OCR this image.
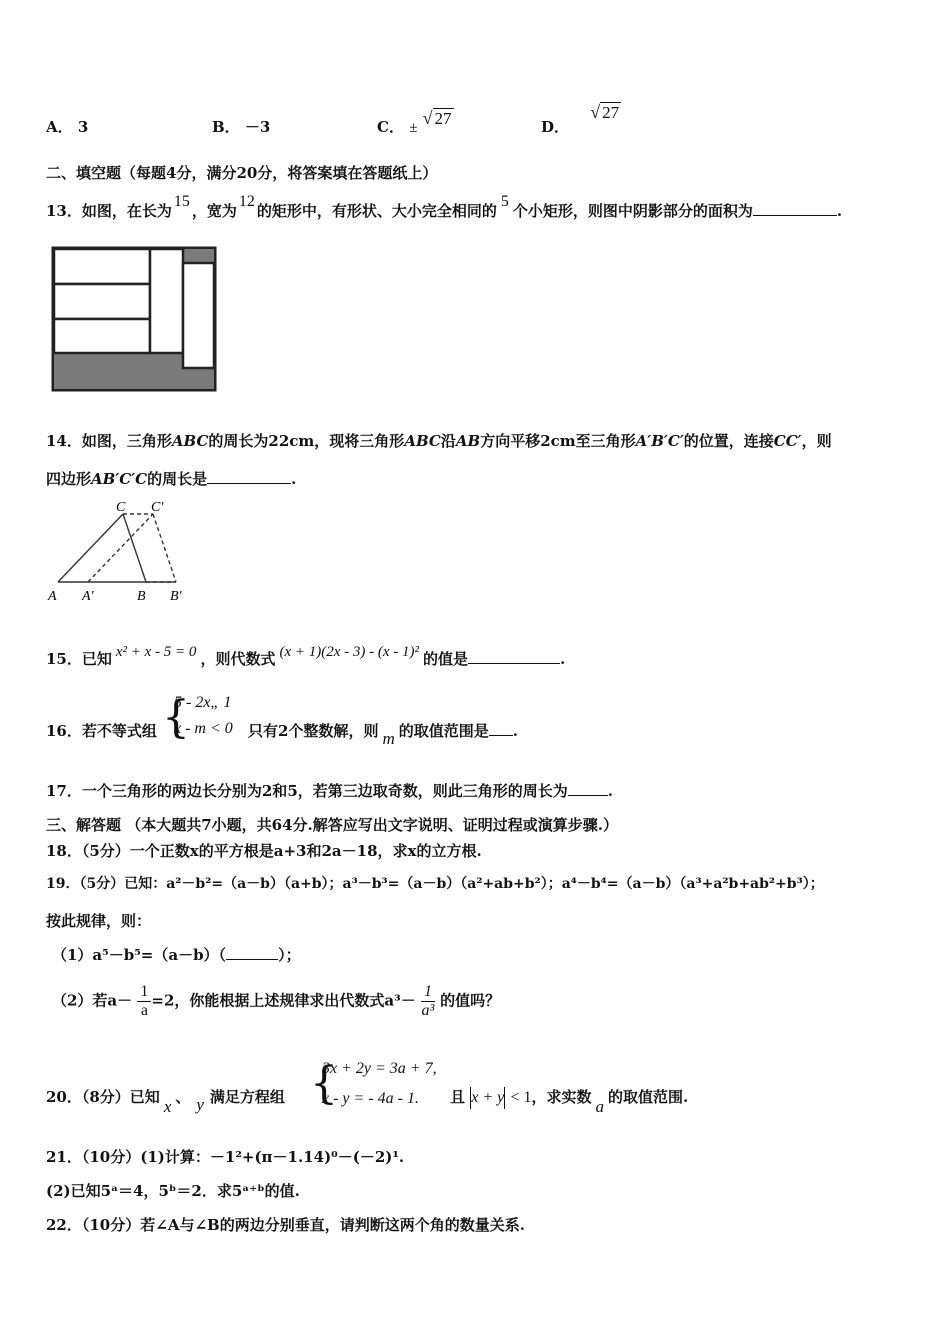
A． 3	B． －3	C． ± √ 27	D． √ 27
二、填空题（每题4分，满分20分，将答案填在答题纸上）
13．如图，在长为15，宽为12的矩形中，有形状、大小完全相同的5个小矩形，则图中阴影部分的面积为	.
14．如图，三角形ABC的周长为22cm，现将三角形ABC沿AB方向平移2cm至三角形A′B′C′的位置，连接CC′，则
四边形AB′C′C的周长是	.
A A′	B B′
C C′
15．已知 x² + x - 5 = 0 ，则代数式 (x + 1)(2x - 3) - (x - 1)² 的值是	.
16．若不等式组 {
5 - 2x„ 1
x - m < 0 只有2个整数解，则 m 的取值范围是 .
17．一个三角形的两边长分别为2和5，若第三边取奇数，则此三角形的周长为	.
三、解答题 （本大题共7小题，共64分.解答应写出文字说明、证明过程或演算步骤.）
18．（5分）一个正数x的平方根是a+3和2a－18，求x的立方根.
19．（5分）已知：a²－b²=（a－b）（a+b）；a³－b³=（a－b）（a²+ab+b²）；a⁴－b⁴=（a－b）（a³+a²b+ab²+b³）；
按此规律，则：
（1）a⁵－b⁵=（a－b）（	）；
（2）若$a- \frac{1}{a} =2$，你能根据上述规律求出代数式$a^3- \frac{1}{\text{a³}}$ 的值吗？
20．（8分）已知 x 、 y 满足方程组 {
3x + 2y = 3a + 7,
x - y = - 4a - 1. 且 x + y < 1，求实数 a 的取值范围.
21．（10分）(1)计算：－1²+(π－1.14)⁰－(－2)¹.
(2)已知5ᵃ＝4，5ᵇ＝2．求5ᵃ⁺ᵇ的值.
22．（10分）若∠A与∠B的两边分别垂直，请判断这两个角的数量关系.
